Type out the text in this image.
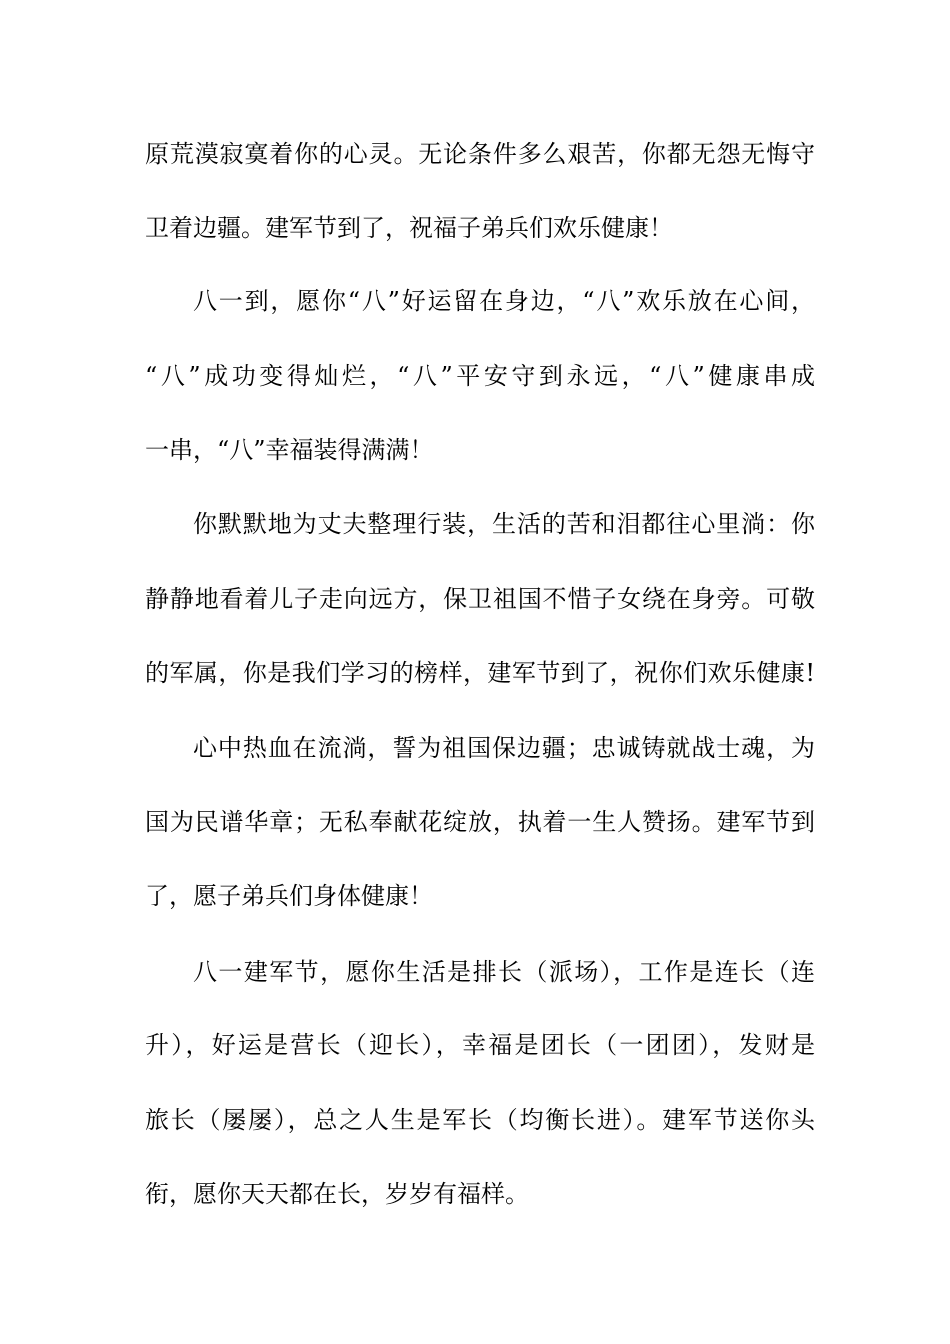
原荒漠寂寞着你的心灵。无论条件多么艰苦，你都无怨无悔守
卫着边疆。建军节到了，祝福子弟兵们欢乐健康！
八一到，愿你“八”好运留在身边，“八”欢乐放在心间，
“八”成功变得灿烂，“八”平安守到永远，“八”健康串成
一串，“八”幸福装得满满！
你默默地为丈夫整理行装，生活的苦和泪都往心里淌：你
静静地看着儿子走向远方，保卫祖国不惜子女绕在身旁。可敬
的军属，你是我们学习的榜样，建军节到了，祝你们欢乐健康!
心中热血在流淌，誓为祖国保边疆；忠诚铸就战士魂，为
国为民谱华章；无私奉献花绽放，执着一生人赞扬。建军节到
了，愿子弟兵们身体健康！
八一建军节，愿你生活是排长（派场），工作是连长（连
升），好运是营长（迎长），幸福是团长（一团团），发财是
旅长（屡屡），总之人生是军长（均衡长进）。建军节送你头
衔，愿你天天都在长，岁岁有福样。
